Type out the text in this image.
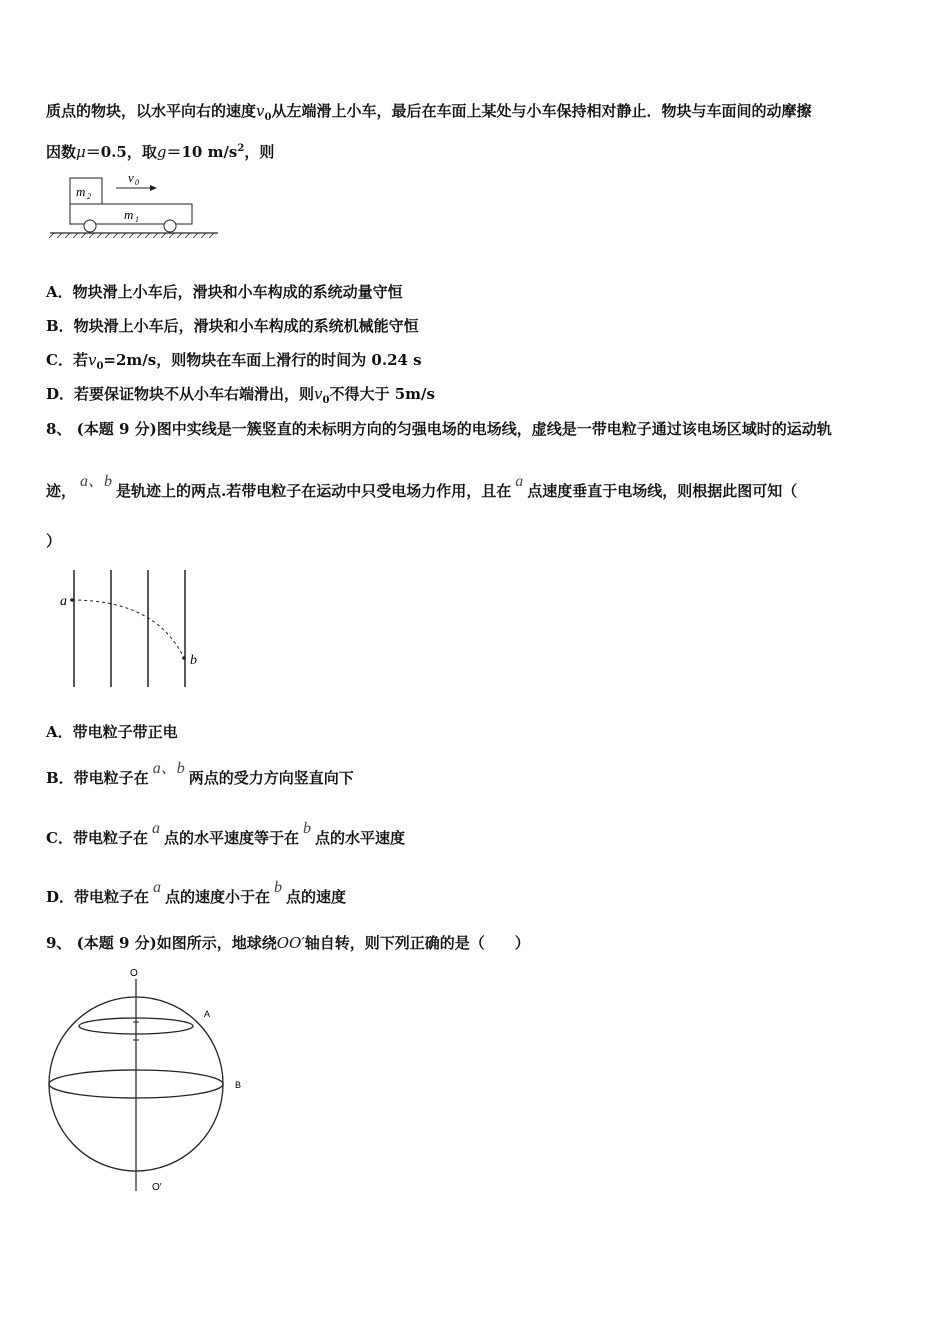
质点的物块，以水平向右的速度$v_0$从左端滑上小车，最后在车面上某处与小车保持相对静止．物块与车面间的动摩擦
因数μ＝0.5，取g＝10 $m/s^2$，则
m 2
v 0
m 1
A．物块滑上小车后，滑块和小车构成的系统动量守恒
B．物块滑上小车后，滑块和小车构成的系统机械能守恒
C．若$v_0=2m/s$，则物块在车面上滑行的时间为 0.24 s
D．若要保证物块不从小车右端滑出，则$v_0$不得大于 5m/s
8、 (本题 9 分)图中实线是一簇竖直的未标明方向的匀强电场的电场线，虚线是一带电粒子通过该电场区域时的运动轨
迹，a、b是轨迹上的两点.若带电粒子在运动中只受电场力作用，且在a点速度垂直于电场线，则根据此图可知（
）
a
b
A．带电粒子带正电
B．带电粒子在a、b两点的受力方向竖直向下
C．带电粒子在a点的水平速度等于在b点的水平速度
D．带电粒子在a点的速度小于在b点的速度
9、 (本题 9 分)如图所示，地球绕OO′轴自转，则下列正确的是（　　）
O
O′
A
B
